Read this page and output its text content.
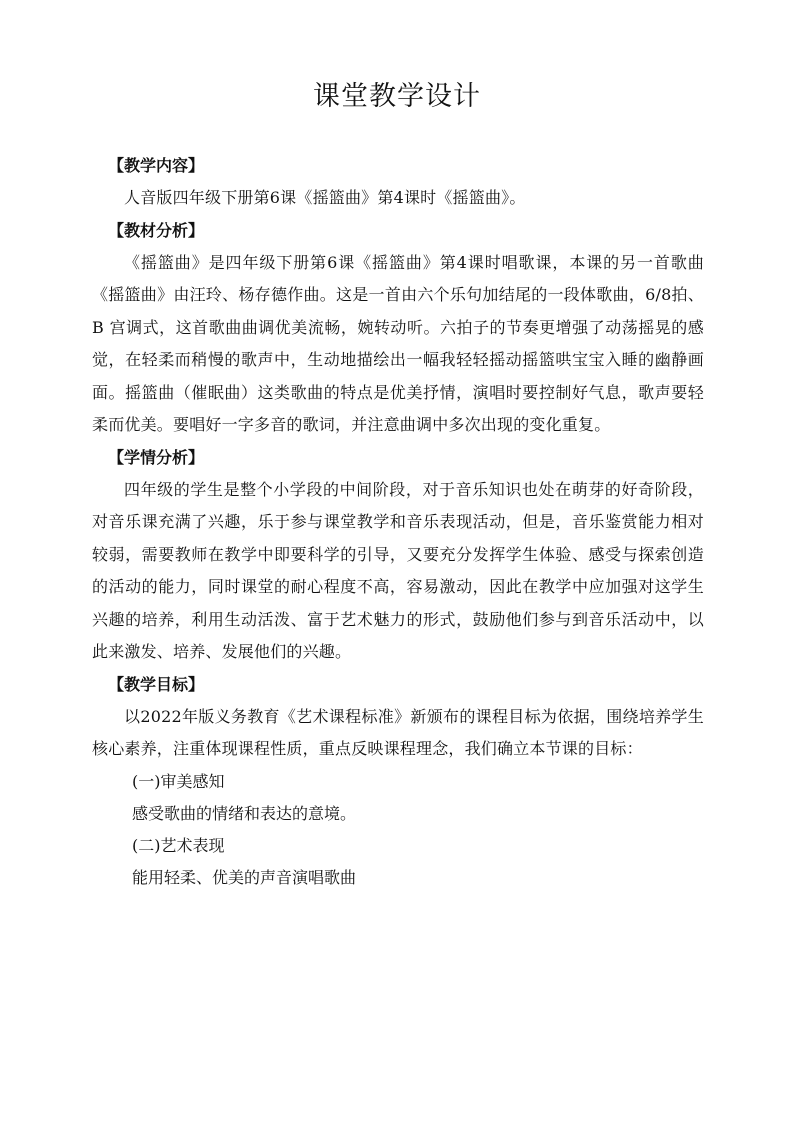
课堂教学设计
【教学内容】

人音版四年级下册第6课《摇篮曲》第4课时《摇篮曲》。

【教材分析】

《摇篮曲》是四年级下册第6课《摇篮曲》第4课时唱歌课，本课的另一首歌曲《摇篮曲》由汪玲、杨存德作曲。这是一首由六个乐句加结尾的一段体歌曲，6/8拍、B 宫调式，这首歌曲曲调优美流畅，婉转动听。六拍子的节奏更增强了动荡摇晃的感觉，在轻柔而稍慢的歌声中，生动地描绘出一幅我轻轻摇动摇篮哄宝宝入睡的幽静画面。摇篮曲（催眠曲）这类歌曲的特点是优美抒情，演唱时要控制好气息，歌声要轻柔而优美。要唱好一字多音的歌词，并注意曲调中多次出现的变化重复。

【学情分析】

四年级的学生是整个小学段的中间阶段，对于音乐知识也处在萌芽的好奇阶段，对音乐课充满了兴趣，乐于参与课堂教学和音乐表现活动，但是，音乐鉴赏能力相对较弱，需要教师在教学中即要科学的引导，又要充分发挥学生体验、感受与探索创造的活动的能力，同时课堂的耐心程度不高，容易激动，因此在教学中应加强对这学生兴趣的培养，利用生动活泼、富于艺术魅力的形式，鼓励他们参与到音乐活动中，以此来激发、培养、发展他们的兴趣。

【教学目标】

以2022年版义务教育《艺术课程标准》新颁布的课程目标为依据，围绕培养学生核心素养，注重体现课程性质，重点反映课程理念，我们确立本节课的目标：

(一)审美感知

感受歌曲的情绪和表达的意境。

(二)艺术表现

能用轻柔、优美的声音演唱歌曲
